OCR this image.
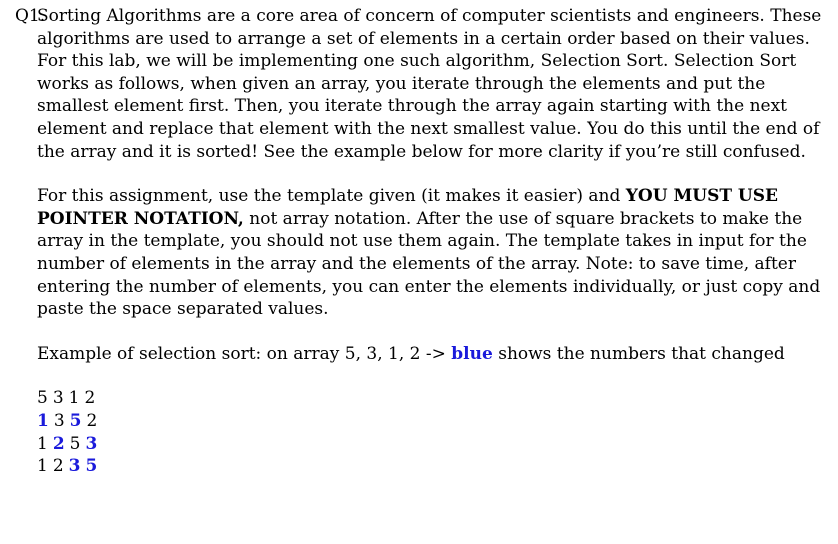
Q1.
Sorting Algorithms are a core area of concern of computer scientists and engineers. These algorithms are used to arrange a set of elements in a certain order based on their values. For this lab, we will be implementing one such algorithm, Selection Sort. Selection Sort works as follows, when given an array, you iterate through the elements and put the smallest element first. Then, you iterate through the array again starting with the next element and replace that element with the next smallest value. You do this until the end of the array and it is sorted! See the example below for more clarity if you’re still confused.
For this assignment, use the template given (it makes it easier) and YOU MUST USE POINTER NOTATION, not array notation. After the use of square brackets to make the array in the template, you should not use them again. The template takes in input for the number of elements in the array and the elements of the array. Note: to save time, after entering the number of elements, you can enter the elements individually, or just copy and paste the space separated values.
Example of selection sort: on array 5, 3, 1, 2 -> blue shows the numbers that changed
5 3 1 2
1 3 5 2
1 2 5 3
1 2 3 5
